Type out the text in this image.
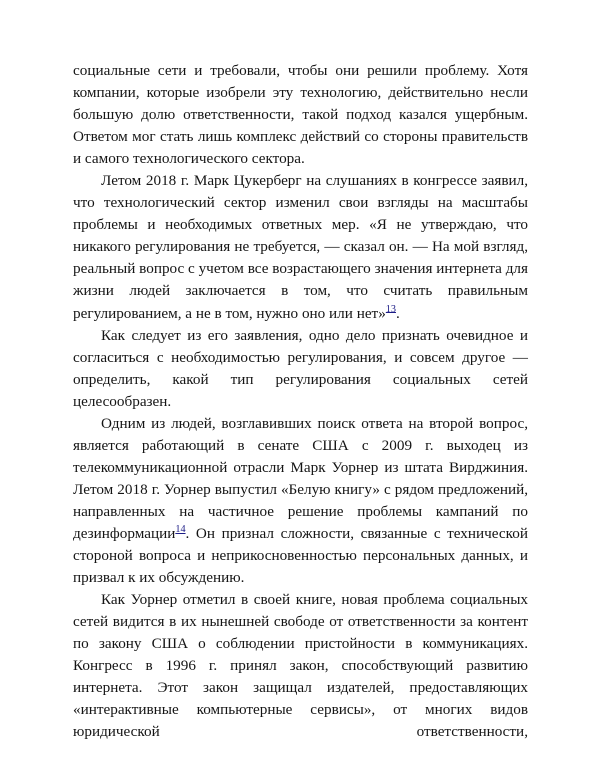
социальные сети и требовали, чтобы они решили проблему. Хотя компании, которые изобрели эту технологию, действительно несли большую долю ответственности, такой подход казался ущербным. Ответом мог стать лишь комплекс действий со стороны правительств и самого технологического сектора.

Летом 2018 г. Марк Цукерберг на слушаниях в конгрессе заявил, что технологический сектор изменил свои взгляды на масштабы проблемы и необходимых ответных мер. «Я не утверждаю, что никакого регулирования не требуется, — сказал он. — На мой взгляд, реальный вопрос с учетом все возрастающего значения интернета для жизни людей заключается в том, что считать правильным регулированием, а не в том, нужно оно или нет»$^{13}$.

Как следует из его заявления, одно дело признать очевидное и согласиться с необходимостью регулирования, и совсем другое — определить, какой тип регулирования социальных сетей целесообразен.

Одним из людей, возглавивших поиск ответа на второй вопрос, является работающий в сенате США с 2009 г. выходец из телекоммуникационной отрасли Марк Уорнер из штата Вирджиния. Летом 2018 г. Уорнер выпустил «Белую книгу» с рядом предложений, направленных на частичное решение проблемы кампаний по дезинформации$^{14}$. Он признал сложности, связанные с технической стороной вопроса и неприкосновенностью персональных данных, и призвал к их обсуждению.

Как Уорнер отметил в своей книге, новая проблема социальных сетей видится в их нынешней свободе от ответственности за контент по закону США о соблюдении пристойности в коммуникациях. Конгресс в 1996 г. принял закон, способствующий развитию интернета. Этот закон защищал издателей, предоставляющих «интерактивные компьютерные сервисы», от многих видов юридической ответственности,
